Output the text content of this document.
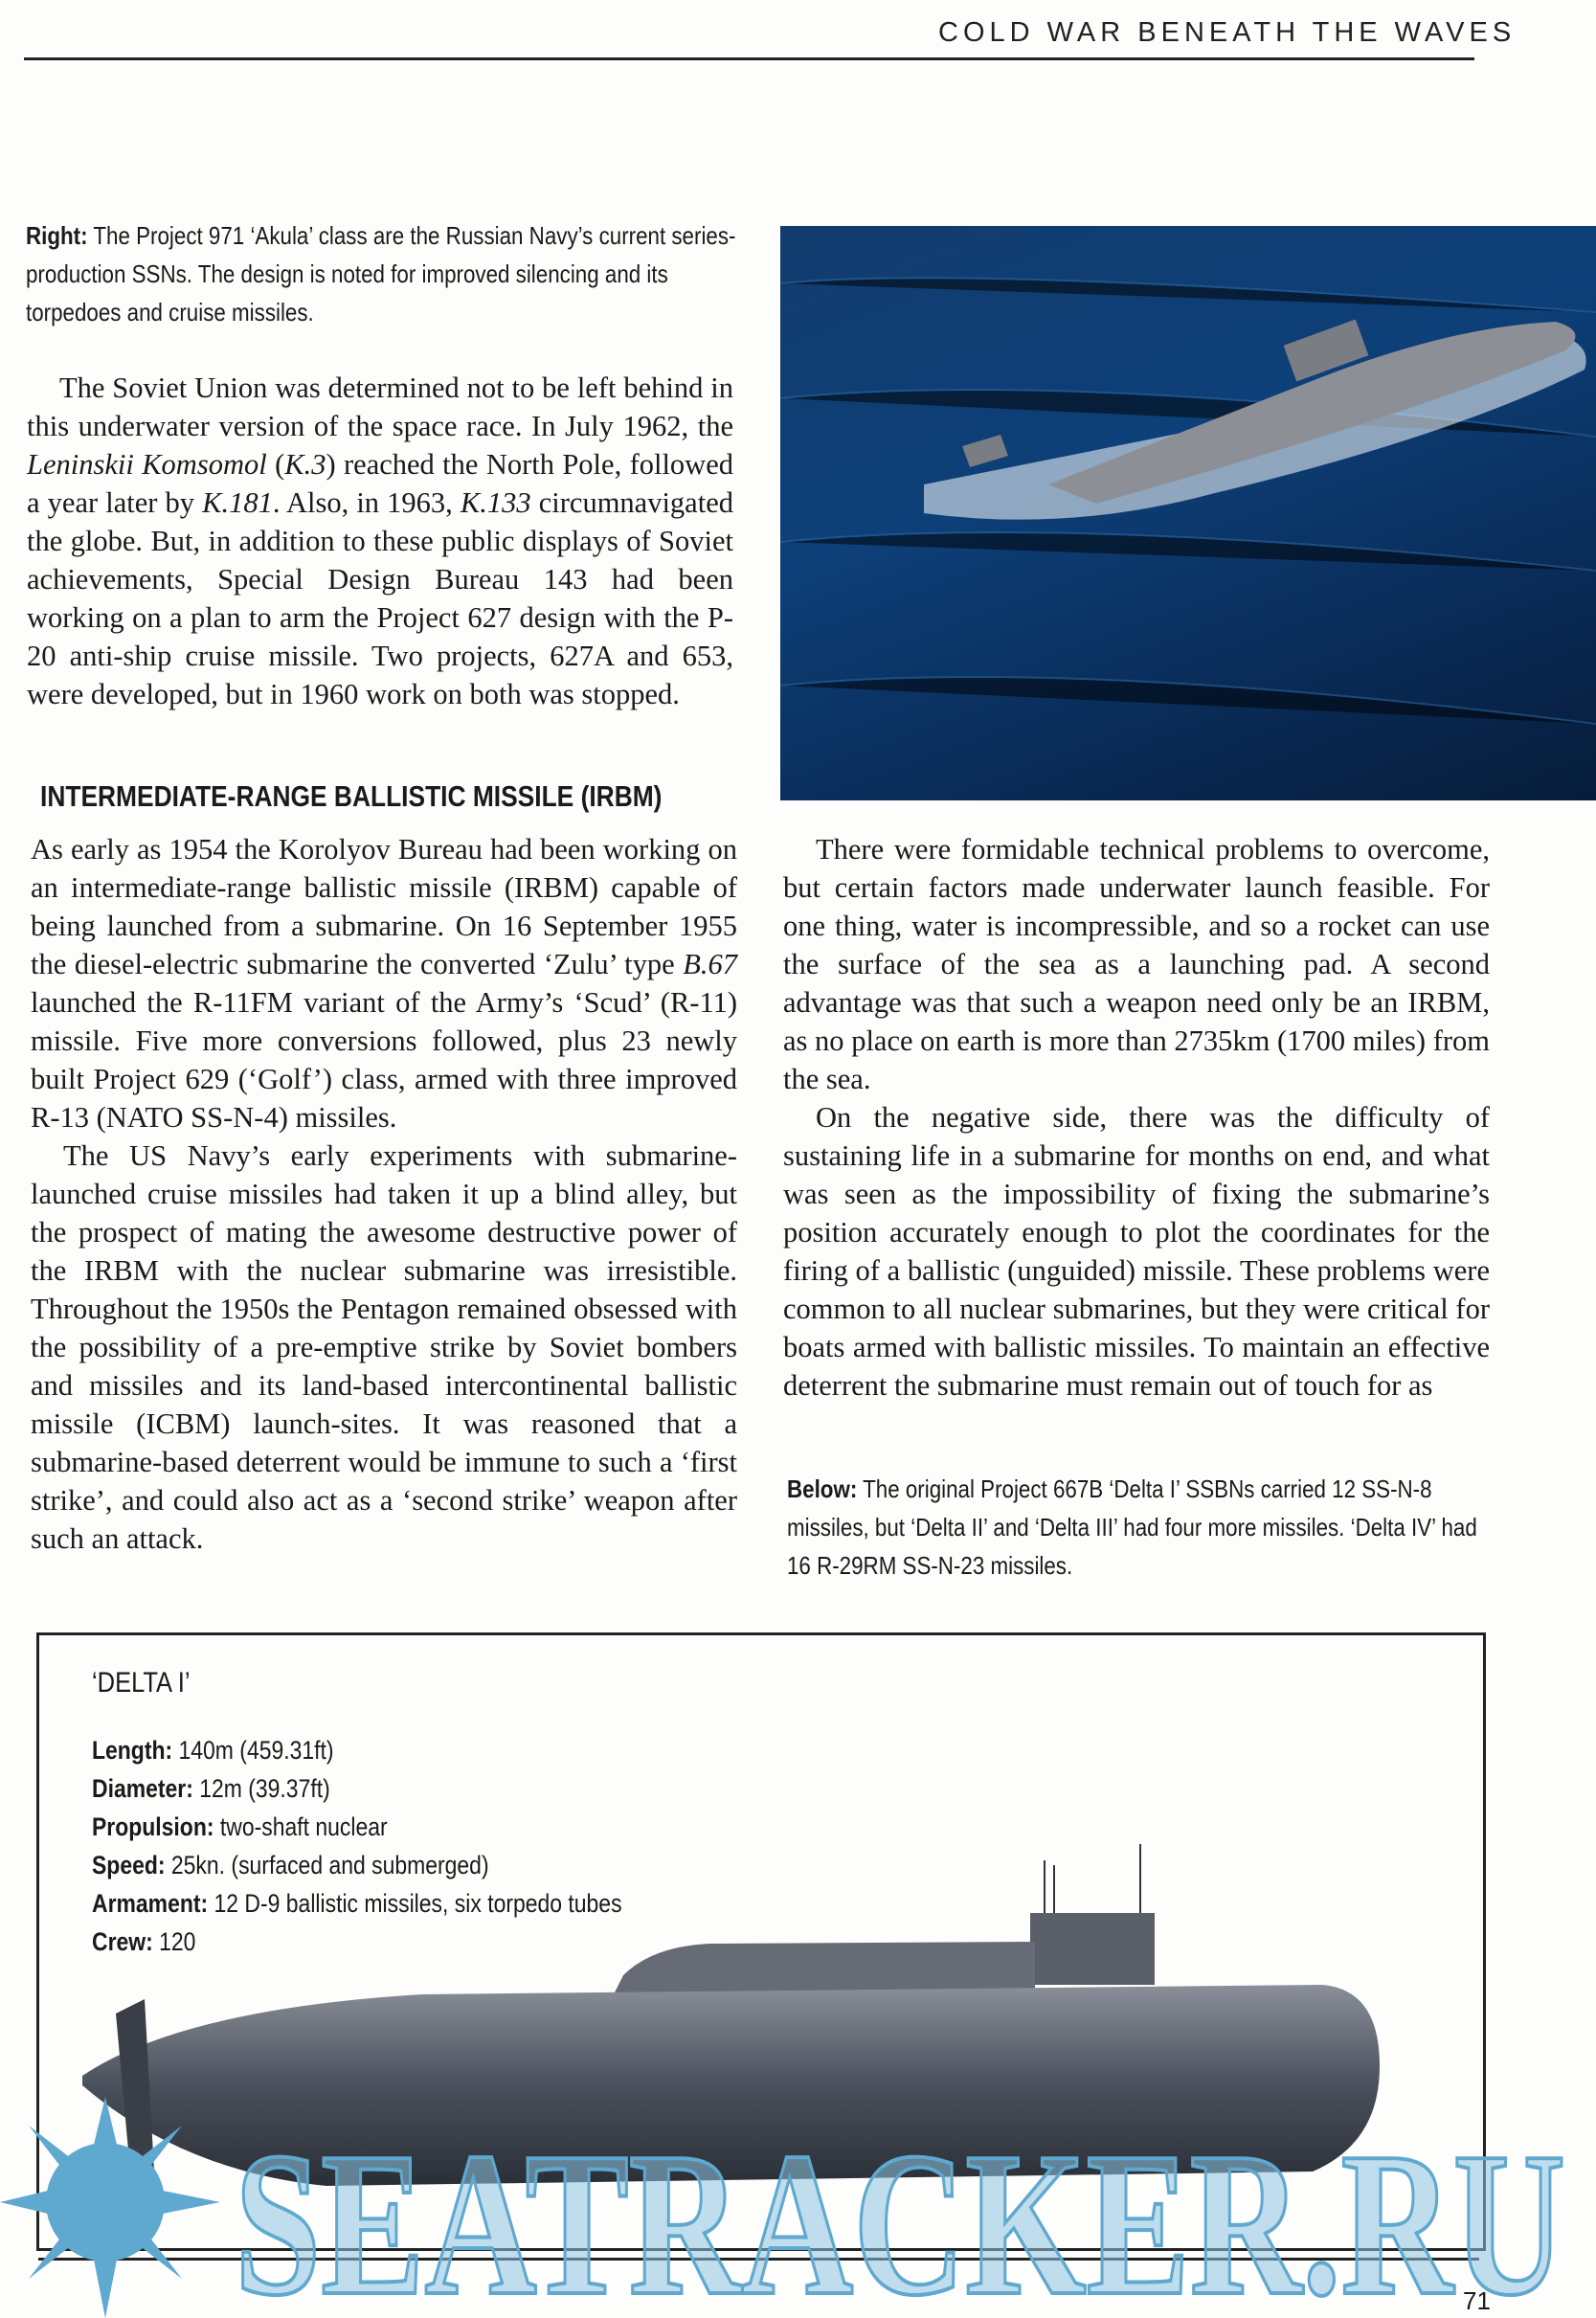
COLD WAR BENEATH THE WAVES
Right: The Project 971 ‘Akula’ class are the Russian Navy’s current series-production SSNs. The design is noted for improved silencing and its torpedoes and cruise missiles.

The Soviet Union was determined not to be left behind in this underwater version of the space race. In July 1962, the Leninskii Komsomol (K.3) reached the North Pole, followed a year later by K.181. Also, in 1963, K.133 circumnavigated the globe. But, in addition to these public displays of Soviet achievements, Special Design Bureau 143 had been working on a plan to arm the Project 627 design with the P-20 anti-ship cruise missile. Two projects, 627A and 653, were developed, but in 1960 work on both was stopped.

INTERMEDIATE-RANGE BALLISTIC MISSILE (IRBM)

As early as 1954 the Korolyov Bureau had been working on an intermediate-range ballistic missile (IRBM) capable of being launched from a submarine. On 16 September 1955 the diesel-electric submarine the converted ‘Zulu’ type B.67 launched the R-11FM variant of the Army’s ‘Scud’ (R-11) missile. Five more conversions followed, plus 23 newly built Project 629 (‘Golf’) class, armed with three improved R-13 (NATO SS-N-4) missiles.

The US Navy’s early experiments with submarine-launched cruise missiles had taken it up a blind alley, but the prospect of mating the awesome destructive power of the IRBM with the nuclear submarine was irresistible. Throughout the 1950s the Pentagon remained obsessed with the possibility of a pre-emptive strike by Soviet bombers and missiles and its land-based intercontinental ballistic missile (ICBM) launch-sites. It was reasoned that a submarine-based deterrent would be immune to such a ‘first strike’, and could also act as a ‘second strike’ weapon after such an attack.

There were formidable technical problems to overcome, but certain factors made underwater launch feasible. For one thing, water is incompressible, and so a rocket can use the surface of the sea as a launching pad. A second advantage was that such a weapon need only be an IRBM, as no place on earth is more than 2735km (1700 miles) from the sea.

On the negative side, there was the difficulty of sustaining life in a submarine for months on end, and what was seen as the impossibility of fixing the submarine’s position accurately enough to plot the coordinates for the firing of a ballistic (unguided) missile. These problems were common to all nuclear submarines, but they were critical for boats armed with ballistic missiles. To maintain an effective deterrent the submarine must remain out of touch for as

Below: The original Project 667B ‘Delta I’ SSBNs carried 12 SS-N-8 missiles, but ‘Delta II’ and ‘Delta III’ had four more missiles. ‘Delta IV’ had 16 R-29RM SS-N-23 missiles.
‘DELTA I’
Length: 140m (459.31ft)
Diameter: 12m (39.37ft)
Propulsion: two-shaft nuclear
Speed: 25kn. (surfaced and submerged)
Armament: 12 D-9 ballistic missiles, six torpedo tubes
Crew: 120
SEATRACKER.RU
71
